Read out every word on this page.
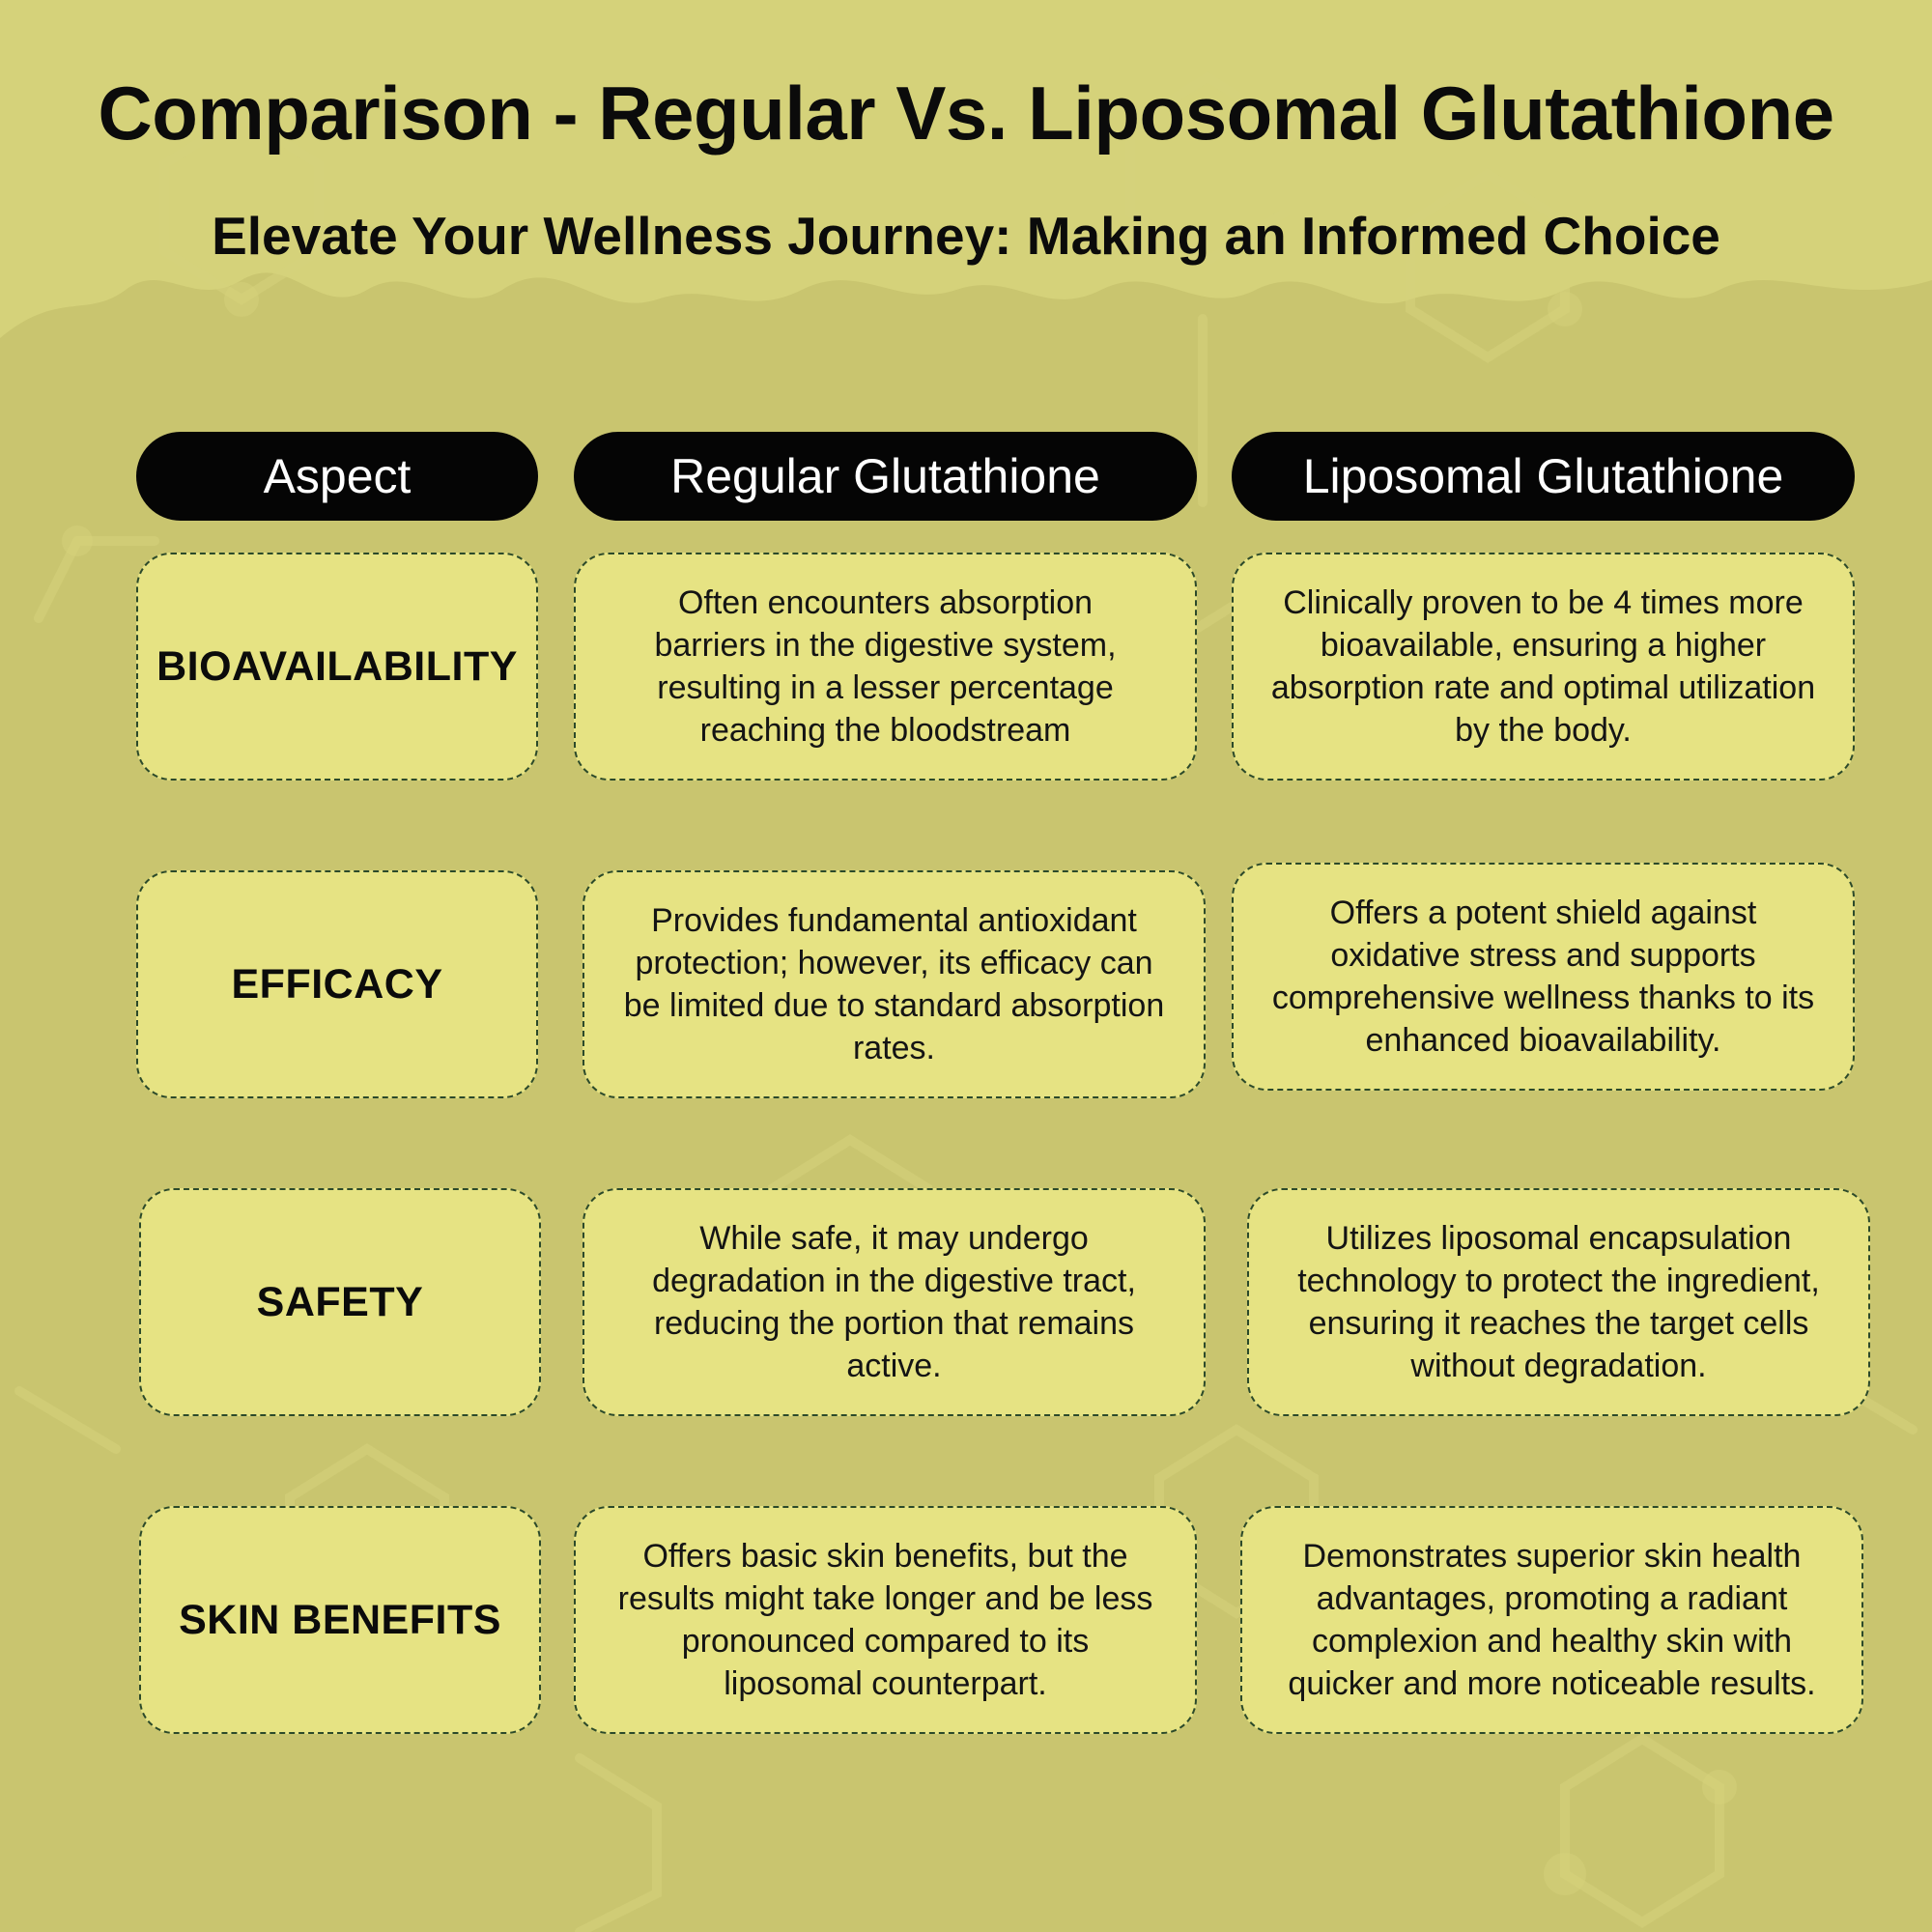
Comparison - Regular Vs. Liposomal Glutathione
Elevate Your Wellness Journey: Making an Informed Choice
Aspect	Regular Glutathione	Liposomal Glutathione
BIOAVAILABILITY
Often encounters absorption barriers in the digestive system, resulting in a lesser percentage reaching the bloodstream
Clinically proven to be 4 times more bioavailable, ensuring a higher absorption rate and optimal utilization by the body.
EFFICACY
Provides fundamental antioxidant protection; however, its efficacy can be limited due to standard absorption rates.
Offers a potent shield against oxidative stress and supports comprehensive wellness thanks to its enhanced bioavailability.
SAFETY
While safe, it may undergo degradation in the digestive tract, reducing the portion that remains active.
Utilizes liposomal encapsulation technology to protect the ingredient, ensuring it reaches the target cells without degradation.
SKIN BENEFITS
Offers basic skin benefits, but the results might take longer and be less pronounced compared to its liposomal counterpart.
Demonstrates superior skin health advantages, promoting a radiant complexion and healthy skin with quicker and more noticeable results.
